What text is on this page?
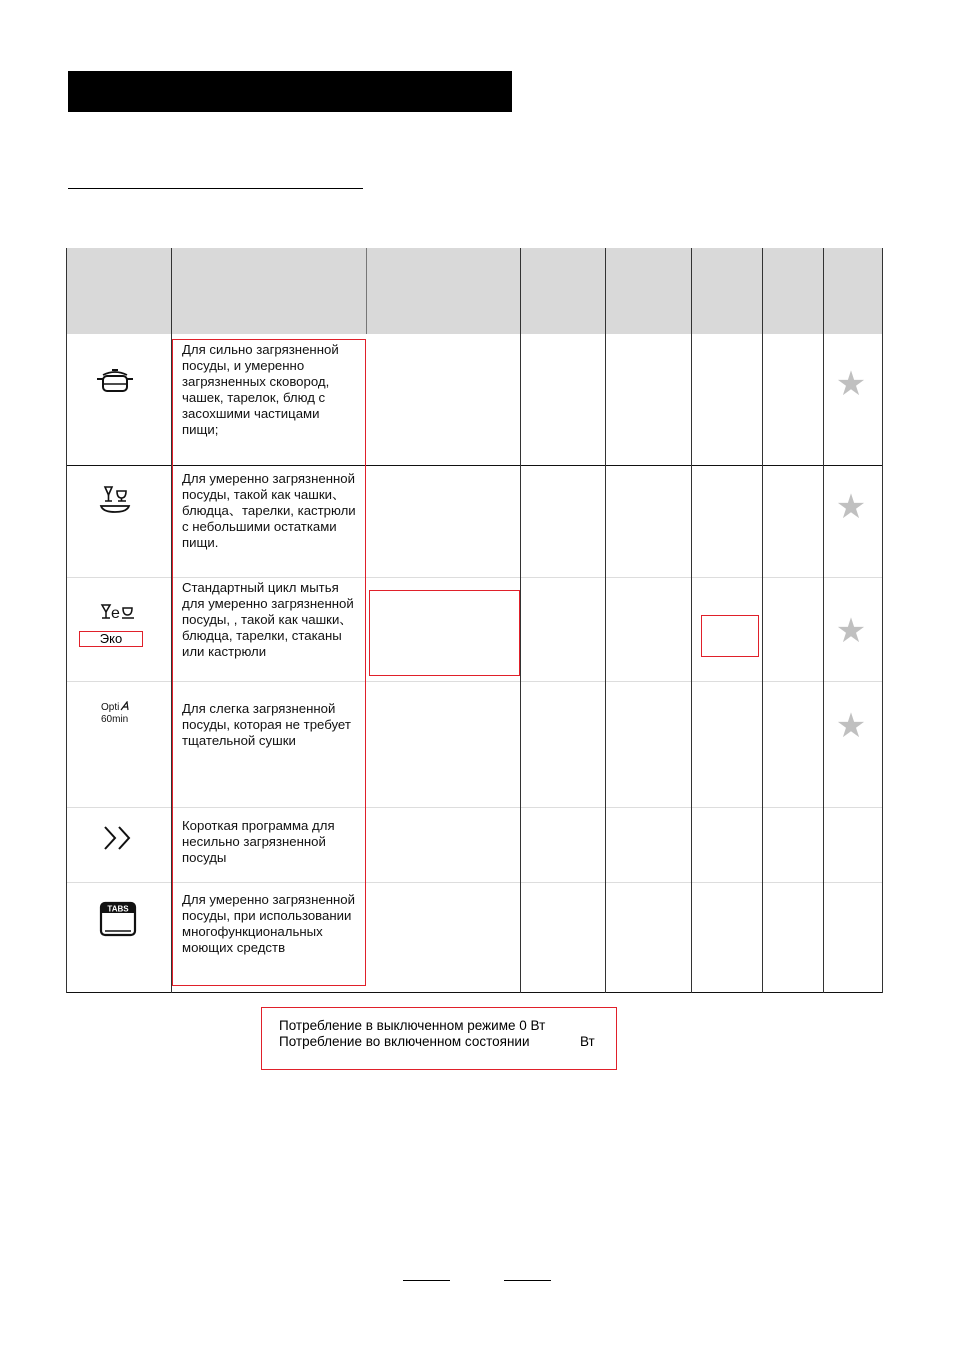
Для сильно загрязненной посуды, и умеренно загрязненных сковород, чашек, тарелок, блюд с засохшими частицами пищи;
★
Для умеренно загрязненной посуды, такой как чашки、блюдца、тарелки, кастрюли с небольшими остатками пищи.
★
e
Стандартный цикл мытья для умеренно загрязненной посуды, , такой как чашки、блюдца, тарелки, стаканы или кастрюли
★
Opti
60min
Для слегка загрязненной посуды, которая не требует тщательной сушки	★
Короткая программа для несильно загрязненной посуды
TABS
Для умеренно загрязненной посуды, при использовании многофункциональных моющих средств
Эко
Потребление в выключенном режиме 0 Вт
Потребление во включенном состоянии	Вт
